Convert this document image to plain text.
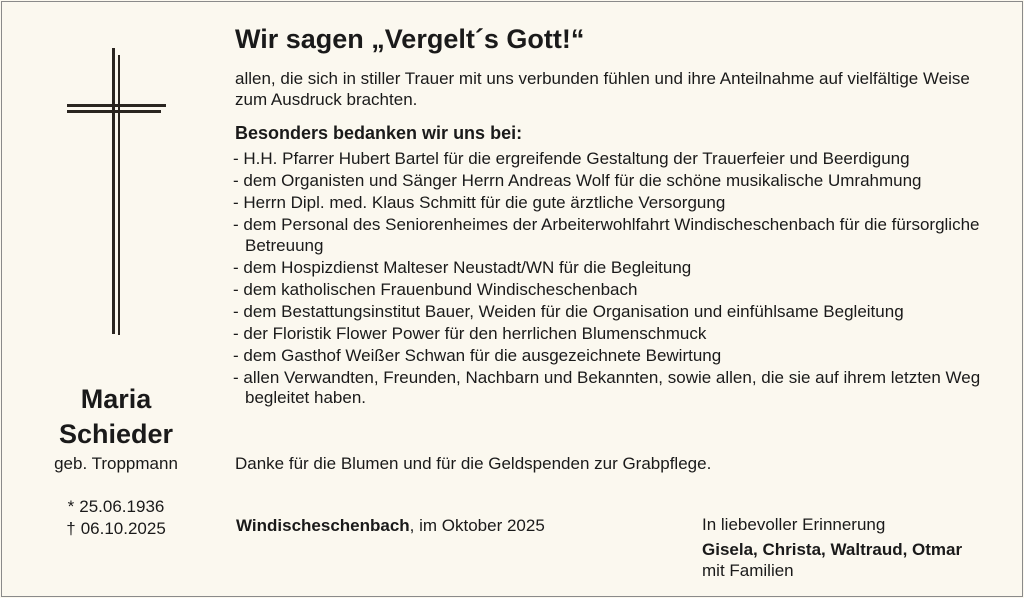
Maria
Schieder
geb. Troppmann
* 25.06.1936
† 06.10.2025
Wir sagen „Vergelt´s Gott!“
allen, die sich in stiller Trauer mit uns verbunden fühlen und ihre Anteilnahme auf vielfältige Weise zum Ausdruck brachten.
Besonders bedanken wir uns bei:
- H.H. Pfarrer Hubert Bartel für die ergreifende Gestaltung der Trauerfeier und Beerdigung
- dem Organisten und Sänger Herrn Andreas Wolf für die schöne musikalische Umrahmung
- Herrn Dipl. med. Klaus Schmitt für die gute ärztliche Versorgung
- dem Personal des Seniorenheimes der Arbeiterwohlfahrt Windischeschenbach für die fürsorgliche Betreuung
- dem Hospizdienst Malteser Neustadt/WN für die Begleitung
- dem katholischen Frauenbund Windischeschenbach
- dem Bestattungsinstitut Bauer, Weiden für die Organisation und einfühlsame Begleitung
- der Floristik Flower Power für den herrlichen Blumenschmuck
- dem Gasthof Weißer Schwan für die ausgezeichnete Bewirtung
- allen Verwandten, Freunden, Nachbarn und Bekannten, sowie allen, die sie auf ihrem letzten Weg begleitet haben.
Danke für die Blumen und für die Geldspenden zur Grabpflege.
Windischeschenbach, im Oktober 2025	In liebevoller Erinnerung
Gisela, Christa, Waltraud, Otmar
mit Familien
